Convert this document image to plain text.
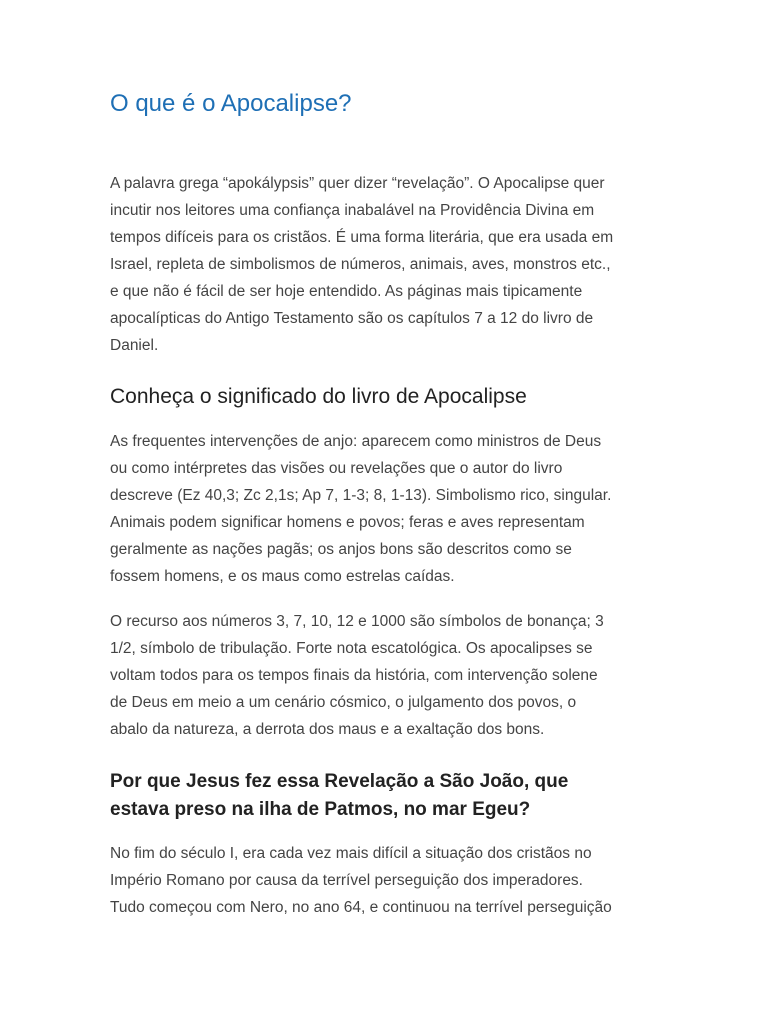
O que é o Apocalipse?

A palavra grega “apokálypsis” quer dizer “revelação”. O Apocalipse quer
incutir nos leitores uma confiança inabalável na Providência Divina em
tempos difíceis para os cristãos. É uma forma literária, que era usada em
Israel, repleta de simbolismos de números, animais, aves, monstros etc.,
e que não é fácil de ser hoje entendido. As páginas mais tipicamente
apocalípticas do Antigo Testamento são os capítulos 7 a 12 do livro de
Daniel.

Conheça o significado do livro de Apocalipse

As frequentes intervenções de anjo: aparecem como ministros de Deus
ou como intérpretes das visões ou revelações que o autor do livro
descreve (Ez 40,3; Zc 2,1s; Ap 7, 1-3; 8, 1-13). Simbolismo rico, singular.
Animais podem significar homens e povos; feras e aves representam
geralmente as nações pagãs; os anjos bons são descritos como se
fossem homens, e os maus como estrelas caídas.

O recurso aos números 3, 7, 10, 12 e 1000 são símbolos de bonança; 3
1/2, símbolo de tribulação. Forte nota escatológica. Os apocalipses se
voltam todos para os tempos finais da história, com intervenção solene
de Deus em meio a um cenário cósmico, o julgamento dos povos, o
abalo da natureza, a derrota dos maus e a exaltação dos bons.

Por que Jesus fez essa Revelação a São João, que
estava preso na ilha de Patmos, no mar Egeu?

No fim do século I, era cada vez mais difícil a situação dos cristãos no
Império Romano por causa da terrível perseguição dos imperadores.
Tudo começou com Nero, no ano 64, e continuou na terrível perseguição
